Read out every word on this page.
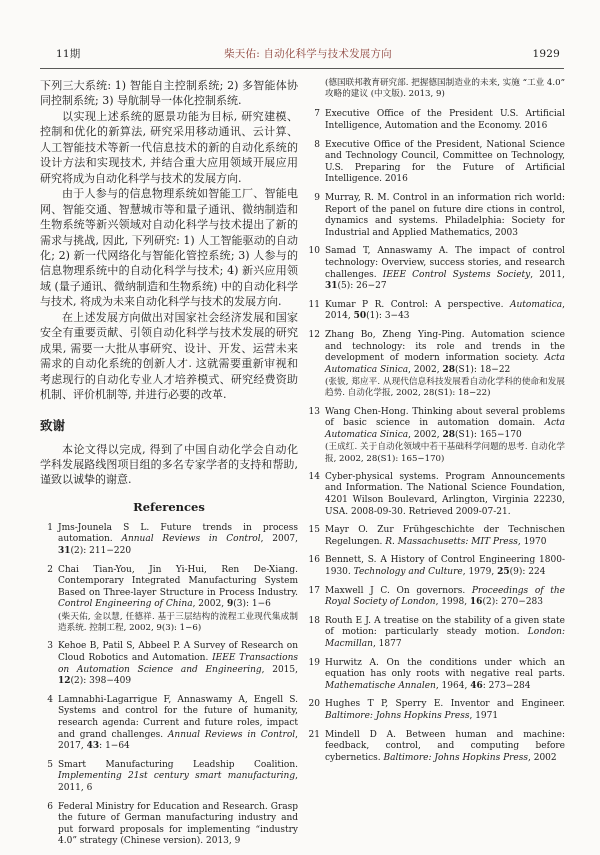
11期	柴天佑: 自动化科学与技术发展方向	1929

下列三大系统: 1) 智能自主控制系统; 2) 多智能体协同控制系统; 3) 导航制导一体化控制系统.

以实现上述系统的愿景功能为目标, 研究建模、控制和优化的新算法, 研究采用移动通讯、云计算、人工智能技术等新一代信息技术的新的自动化系统的设计方法和实现技术, 并结合重大应用领域开展应用研究将成为自动化科学与技术的发展方向.

由于人参与的信息物理系统如智能工厂、智能电网、智能交通、智慧城市等和量子通讯、微纳制造和生物系统等新兴领域对自动化科学与技术提出了新的需求与挑战, 因此, 下列研究: 1) 人工智能驱动的自动化; 2) 新一代网络化与智能化管控系统; 3) 人参与的信息物理系统中的自动化科学与技术; 4) 新兴应用领域 (量子通讯、微纳制造和生物系统) 中的自动化科学与技术, 将成为未来自动化科学与技术的发展方向.

在上述发展方向做出对国家社会经济发展和国家安全有重要贡献、引领自动化科学与技术发展的研究成果, 需要一大批从事研究、设计、开发、运营未来需求的自动化系统的创新人才. 这就需要重新审视和考虑现行的自动化专业人才培养模式、研究经费资助机制、评价机制等, 并进行必要的改革.

致谢

本论文得以完成, 得到了中国自动化学会自动化学科发展路线图项目组的多名专家学者的支持和帮助, 谨致以诚挚的谢意.

References
1 Jms-Jounela S L. Future trends in process automation. Annual Reviews in Control, 2007, 31(2): 211−220
2 Chai Tian-You, Jin Yi-Hui, Ren De-Xiang. Contemporary Integrated Manufacturing System Based on Three-layer Structure in Process Industry. Control Engineering of China, 2002, 9(3): 1−6
(柴天佑, 金以慧, 任德祥. 基于三层结构的流程工业现代集成制造系统. 控制工程, 2002, 9(3): 1−6)
3 Kehoe B, Patil S, Abbeel P. A Survey of Research on Cloud Robotics and Automation. IEEE Transactions on Automation Science and Engineering, 2015, 12(2): 398−409
4 Lamnabhi-Lagarrigue F, Annaswamy A, Engell S. Systems and control for the future of humanity, research agenda: Current and future roles, impact and grand challenges. Annual Reviews in Control, 2017, 43: 1−64
5 Smart Manufacturing Leadship Coalition. Implementing 21st century smart manufacturing, 2011, 6
6 Federal Ministry for Education and Research. Grasp the future of German manufacturing industry and put forward proposals for implementing “industry 4.0” strategy (Chinese version). 2013, 9
(德国联邦教育研究部. 把握德国制造业的未来, 实施 “工业 4.0” 攻略的建议 (中文版). 2013, 9)
7 Executive Office of the President U.S. Artificial Intelligence, Automation and the Economy. 2016
8 Executive Office of the President, National Science and Technology Council, Committee on Technology, U.S. Preparing for the Future of Artificial Intelligence. 2016
9 Murray, R. M. Control in an information rich world: Report of the panel on future dire ctions in control, dynamics and systems. Philadelphia: Society for Industrial and Applied Mathematics, 2003
10 Samad T, Annaswamy A. The impact of control technology: Overview, success stories, and research challenges. IEEE Control Systems Society, 2011, 31(5): 26−27
11 Kumar P R. Control: A perspective. Automatica, 2014, 50(1): 3−43
12 Zhang Bo, Zheng Ying-Ping. Automation science and technology: its role and trends in the development of modern information society. Acta Automatica Sinica, 2002, 28(S1): 18−22
(张钹, 郑应平. 从现代信息科技发展看自动化学科的使命和发展趋势. 自动化学报, 2002, 28(S1): 18−22)
13 Wang Chen-Hong. Thinking about several problems of basic science in automation domain. Acta Automatica Sinica, 2002, 28(S1): 165−170
(王成红. 关于自动化领域中若干基础科学问题的思考. 自动化学报, 2002, 28(S1): 165−170)
14 Cyber-physical systems. Program Announcements and Information. The National Science Foundation, 4201 Wilson Boulevard, Arlington, Virginia 22230, USA. 2008-09-30. Retrieved 2009-07-21.
15 Mayr O. Zur Frühgeschichte der Technischen Regelungen. R. Massachusetts: MIT Press, 1970
16 Bennett, S. A History of Control Engineering 1800-1930. Technology and Culture, 1979, 25(9): 224
17 Maxwell J C. On governors. Proceedings of the Royal Society of London, 1998, 16(2): 270−283
18 Routh E J. A treatise on the stability of a given state of motion: particularly steady motion. London: Macmillan, 1877
19 Hurwitz A. On the conditions under which an equation has only roots with negative real parts. Mathematische Annalen, 1964, 46: 273−284
20 Hughes T P, Sperry E. Inventor and Engineer. Baltimore: Johns Hopkins Press, 1971
21 Mindell D A. Between human and machine: feedback, control, and computing before cybernetics. Baltimore: Johns Hopkins Press, 2002
